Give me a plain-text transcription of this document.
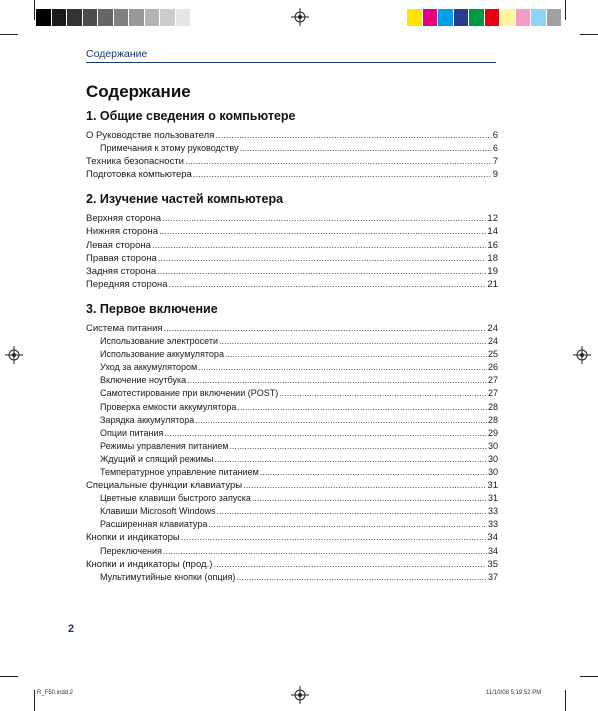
Содержание
Содержание
1. Общие сведения о компьютере
О Руководстве пользователя .....	6
Примечания к этому руководству .....	6
Техника безопасности .....	7
Подготовка компьютера .....	9
2. Изучение частей компьютера
Верхняя сторона .....	12
Нижняя сторона .....	14
Левая сторона .....	16
Правая сторона .....	18
Задняя сторона .....	19
Передняя сторона .....	21
3. Первое включение
Система питания .....	24
Использование электросети .....	24
Использование аккумулятора .....	25
Уход за аккумулятором .....	26
Включение ноутбука .....	27
Самотестирование при включении (POST) .....	27
Проверка емкости аккумулятора .....	28
Зарядка аккумулятора .....	28
Опции питания .....	29
Режимы управления питанием .....	30
Ждущий и спящий режимы .....	30
Температурное управление питанием .....	30
Специальные функции клавиатуры .....	31
Цветные клавиши быстрого запуска .....	31
Клавиши Microsoft Windows .....	33
Расширенная клавиатура .....	33
Кнопки и индикаторы .....	34
Переключения .....	34
Кнопки и индикаторы (прод.) .....	35
Мультимутийные кнопки (опция) .....	37
2
R_F50.indd 2	11/10/08 5:19:52 PM
